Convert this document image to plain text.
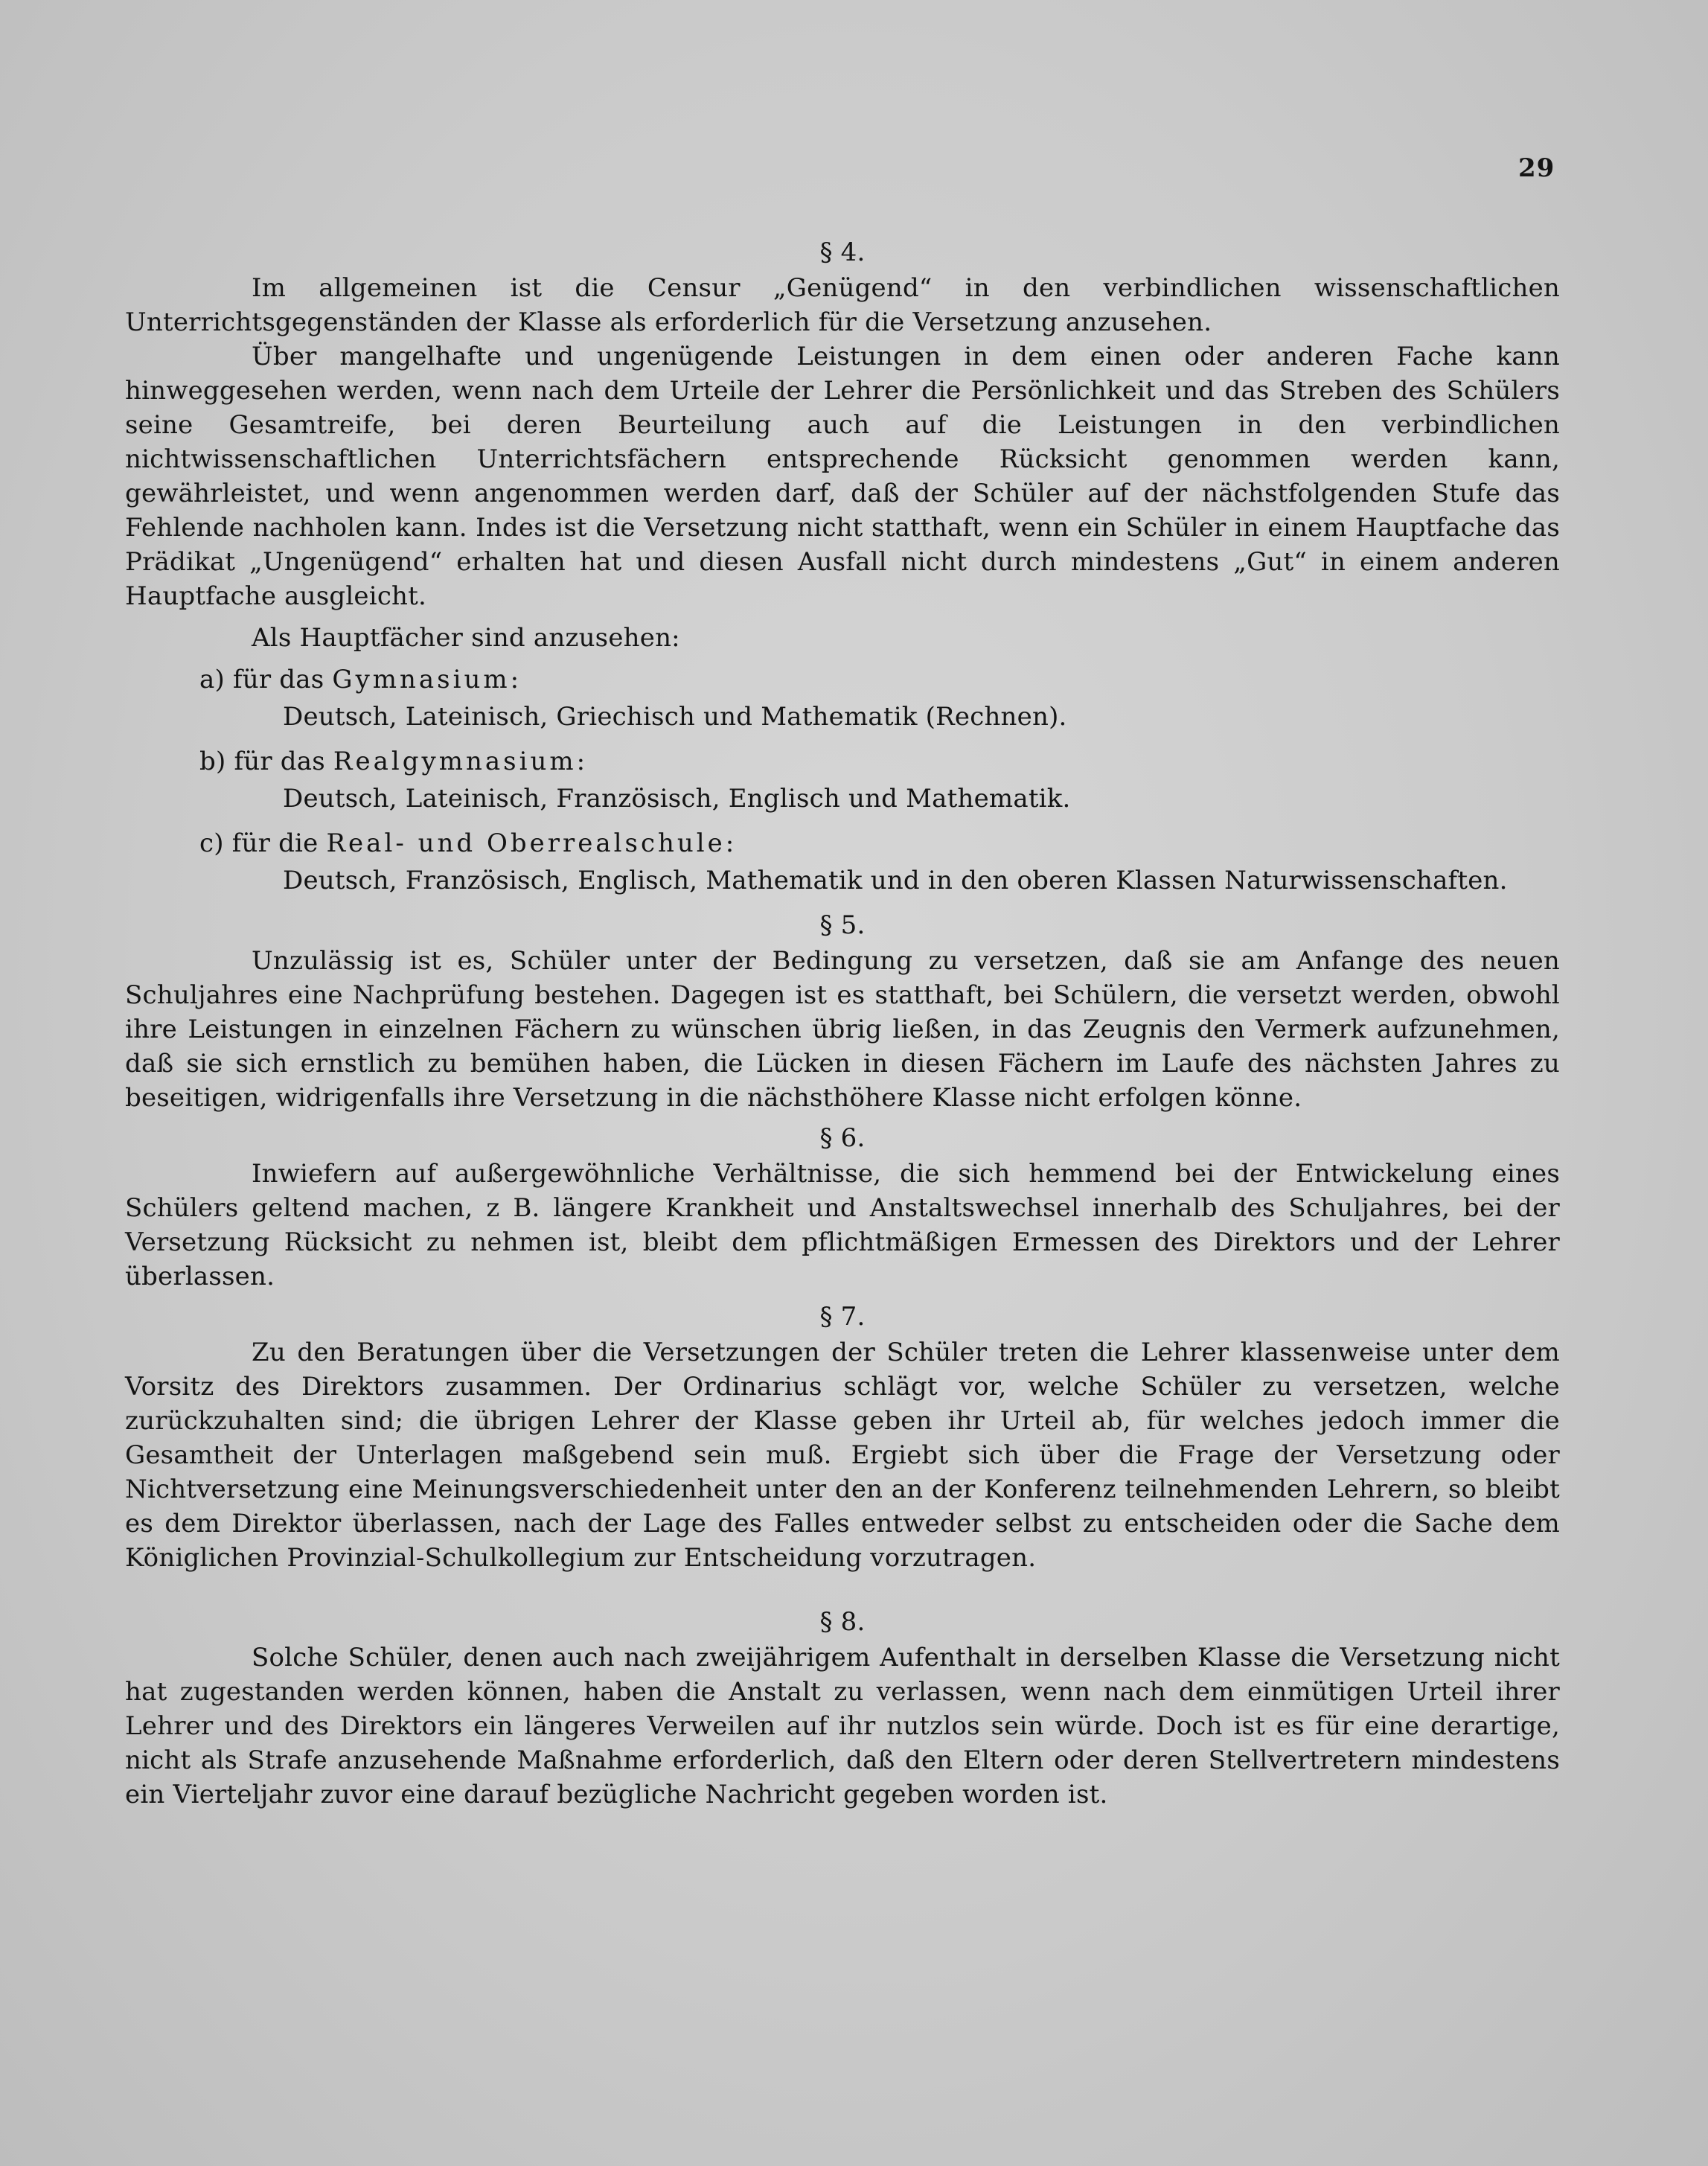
29
§ 4.

Im allgemeinen ist die Censur „Genügend“ in den verbindlichen wissenschaftlichen Unterrichtsgegenständen der Klasse als erforderlich für die Versetzung anzusehen.

Über mangelhafte und ungenügende Leistungen in dem einen oder anderen Fache kann hinweggesehen werden, wenn nach dem Urteile der Lehrer die Persönlichkeit und das Streben des Schülers seine Gesamtreife, bei deren Beurteilung auch auf die Leistungen in den verbindlichen nichtwissenschaftlichen Unterrichtsfächern entsprechende Rücksicht genommen werden kann, gewährleistet, und wenn angenommen werden darf, daß der Schüler auf der nächstfolgenden Stufe das Fehlende nachholen kann. Indes ist die Versetzung nicht statthaft, wenn ein Schüler in einem Hauptfache das Prädikat „Ungenügend“ erhalten hat und diesen Ausfall nicht durch mindestens „Gut“ in einem anderen Hauptfache ausgleicht.

Als Hauptfächer sind anzusehen:

a) für das Gymnasium:
Deutsch, Lateinisch, Griechisch und Mathematik (Rechnen).
b) für das Realgymnasium:
Deutsch, Lateinisch, Französisch, Englisch und Mathematik.
c) für die Real- und Oberrealschule:
Deutsch, Französisch, Englisch, Mathematik und in den oberen Klassen Naturwissenschaften.
§ 5.

Unzulässig ist es, Schüler unter der Bedingung zu versetzen, daß sie am Anfange des neuen Schuljahres eine Nachprüfung bestehen. Dagegen ist es statthaft, bei Schülern, die versetzt werden, obwohl ihre Leistungen in einzelnen Fächern zu wünschen übrig ließen, in das Zeugnis den Vermerk aufzunehmen, daß sie sich ernstlich zu bemühen haben, die Lücken in diesen Fächern im Laufe des nächsten Jahres zu beseitigen, widrigenfalls ihre Versetzung in die nächsthöhere Klasse nicht erfolgen könne.

§ 6.

Inwiefern auf außergewöhnliche Verhältnisse, die sich hemmend bei der Entwickelung eines Schülers geltend machen, z B. längere Krankheit und Anstaltswechsel innerhalb des Schuljahres, bei der Versetzung Rücksicht zu nehmen ist, bleibt dem pflichtmäßigen Ermessen des Direktors und der Lehrer überlassen.

§ 7.

Zu den Beratungen über die Versetzungen der Schüler treten die Lehrer klassenweise unter dem Vorsitz des Direktors zusammen. Der Ordinarius schlägt vor, welche Schüler zu versetzen, welche zurückzuhalten sind; die übrigen Lehrer der Klasse geben ihr Urteil ab, für welches jedoch immer die Gesamtheit der Unterlagen maßgebend sein muß. Ergiebt sich über die Frage der Versetzung oder Nichtversetzung eine Meinungsverschiedenheit unter den an der Konferenz teilnehmenden Lehrern, so bleibt es dem Direktor überlassen, nach der Lage des Falles entweder selbst zu entscheiden oder die Sache dem Königlichen Provinzial-Schulkollegium zur Entscheidung vorzutragen.

§ 8.

Solche Schüler, denen auch nach zweijährigem Aufenthalt in derselben Klasse die Versetzung nicht hat zugestanden werden können, haben die Anstalt zu verlassen, wenn nach dem einmütigen Urteil ihrer Lehrer und des Direktors ein längeres Verweilen auf ihr nutzlos sein würde. Doch ist es für eine derartige, nicht als Strafe anzusehende Maßnahme erforderlich, daß den Eltern oder deren Stellvertretern mindestens ein Vierteljahr zuvor eine darauf bezügliche Nachricht gegeben worden ist.
